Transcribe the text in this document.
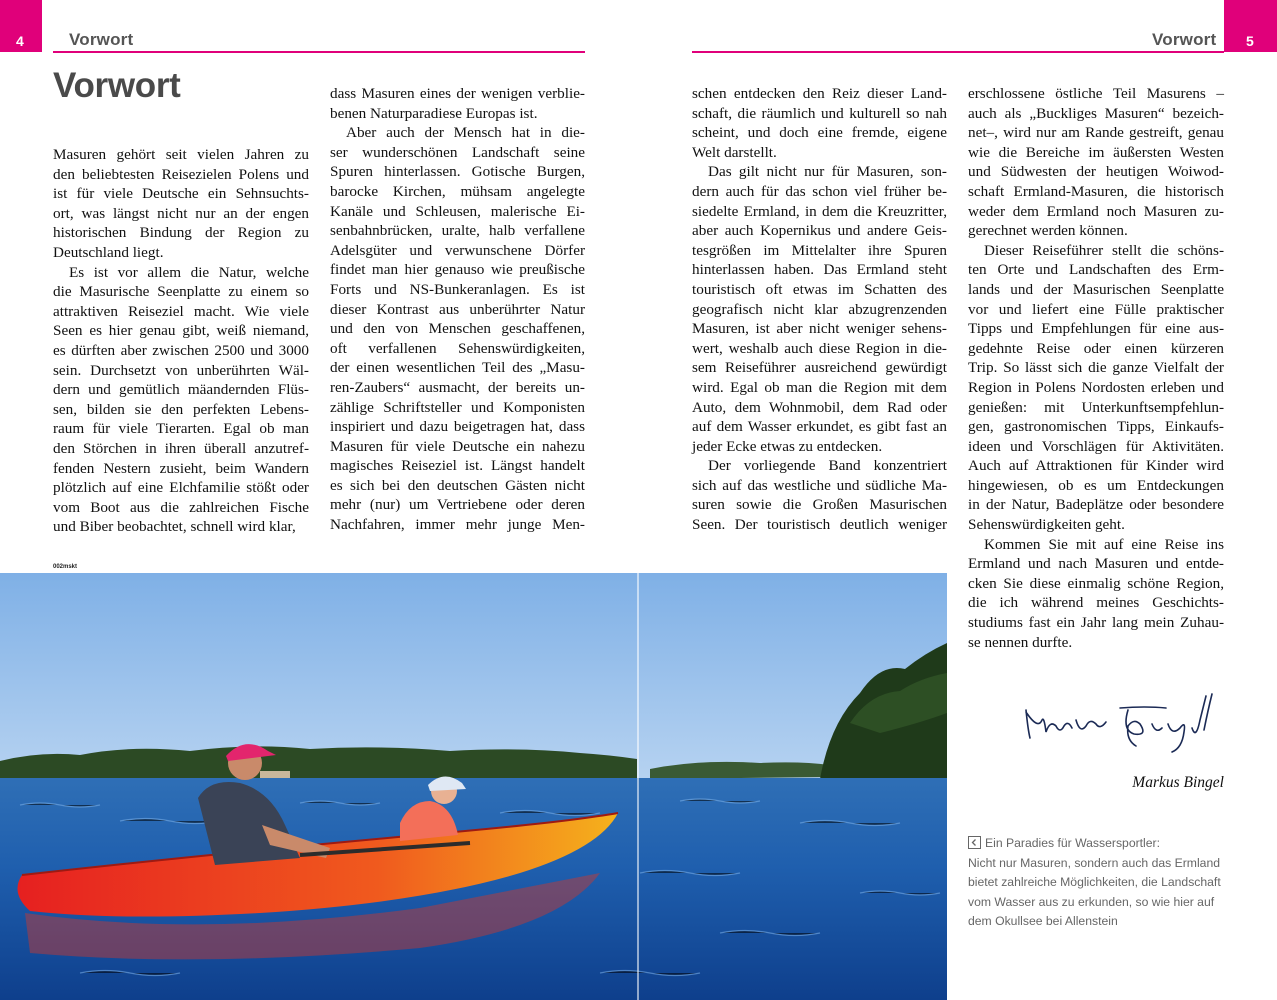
4	Vorwort	5
Vorwort
Vorwort
Masuren gehört seit vielen Jahren zu
den beliebtesten Reisezielen Polens und
ist für viele Deutsche ein Sehnsuchts-
ort, was längst nicht nur an der engen
historischen Bindung der Region zu
Deutschland liegt.
Es ist vor allem die Natur, welche
die Masurische Seenplatte zu einem so
attraktiven Reiseziel macht. Wie viele
Seen es hier genau gibt, weiß niemand,
es dürften aber zwischen 2500 und 3000
sein. Durchsetzt von unberührten Wäl-
dern und gemütlich mäandernden Flüs-
sen, bilden sie den perfekten Lebens-
raum für viele Tierarten. Egal ob man
den Störchen in ihren überall anzutref-
fenden Nestern zusieht, beim Wandern
plötzlich auf eine Elchfamilie stößt oder
vom Boot aus die zahlreichen Fische
und Biber beobachtet, schnell wird klar,
dass Masuren eines der wenigen verblie-
benen Naturparadiese Europas ist.
Aber auch der Mensch hat in die-
ser wunderschönen Landschaft seine
Spuren hinterlassen. Gotische Burgen,
barocke Kirchen, mühsam angelegte
Kanäle und Schleusen, malerische Ei-
senbahnbrücken, uralte, halb verfallene
Adelsgüter und verwunschene Dörfer
findet man hier genauso wie preußische
Forts und NS-Bunkeranlagen. Es ist
dieser Kontrast aus unberührter Natur
und den von Menschen geschaffenen,
oft verfallenen Sehenswürdigkeiten,
der einen wesentlichen Teil des „Masu-
ren-Zaubers“ ausmacht, der bereits un-
zählige Schriftsteller und Komponisten
inspiriert und dazu beigetragen hat, dass
Masuren für viele Deutsche ein nahezu
magisches Reiseziel ist. Längst handelt
es sich bei den deutschen Gästen nicht
mehr (nur) um Vertriebene oder deren
Nachfahren, immer mehr junge Men-
schen entdecken den Reiz dieser Land-
schaft, die räumlich und kulturell so nah
scheint, und doch eine fremde, eigene
Welt darstellt.
Das gilt nicht nur für Masuren, son-
dern auch für das schon viel früher be-
siedelte Ermland, in dem die Kreuzritter,
aber auch Kopernikus und andere Geis-
tesgrößen im Mittelalter ihre Spuren
hinterlassen haben. Das Ermland steht
touristisch oft etwas im Schatten des
geografisch nicht klar abzugrenzenden
Masuren, ist aber nicht weniger sehens-
wert, weshalb auch diese Region in die-
sem Reiseführer ausreichend gewürdigt
wird. Egal ob man die Region mit dem
Auto, dem Wohnmobil, dem Rad oder
auf dem Wasser erkundet, es gibt fast an
jeder Ecke etwas zu entdecken.
Der vorliegende Band konzentriert
sich auf das westliche und südliche Ma-
suren sowie die Großen Masurischen
Seen. Der touristisch deutlich weniger
erschlossene östliche Teil Masurens –
auch als „Buckliges Masuren“ bezeich-
net–, wird nur am Rande gestreift, genau
wie die Bereiche im äußersten Westen
und Südwesten der heutigen Woiwod-
schaft Ermland-Masuren, die historisch
weder dem Ermland noch Masuren zu-
gerechnet werden können.
Dieser Reiseführer stellt die schöns-
ten Orte und Landschaften des Erm-
lands und der Masurischen Seenplatte
vor und liefert eine Fülle praktischer
Tipps und Empfehlungen für eine aus-
gedehnte Reise oder einen kürzeren
Trip. So lässt sich die ganze Vielfalt der
Region in Polens Nordosten erleben und
genießen: mit Unterkunftsempfehlun-
gen, gastronomischen Tipps, Einkaufs-
ideen und Vorschlägen für Aktivitäten.
Auch auf Attraktionen für Kinder wird
hingewiesen, ob es um Entdeckungen
in der Natur, Badeplätze oder besondere
Sehenswürdigkeiten geht.
Kommen Sie mit auf eine Reise ins
Ermland und nach Masuren und entde-
cken Sie diese einmalig schöne Region,
die ich während meines Geschichts-
studiums fast ein Jahr lang mein Zuhau-
se nennen durfte.
002mskt
Markus Bingel
Ein Paradies für Wassersportler:
Nicht nur Masuren, sondern auch das Ermland
bietet zahlreiche Möglichkeiten, die Landschaft
vom Wasser aus zu erkunden, so wie hier auf
dem Okullsee bei Allenstein
